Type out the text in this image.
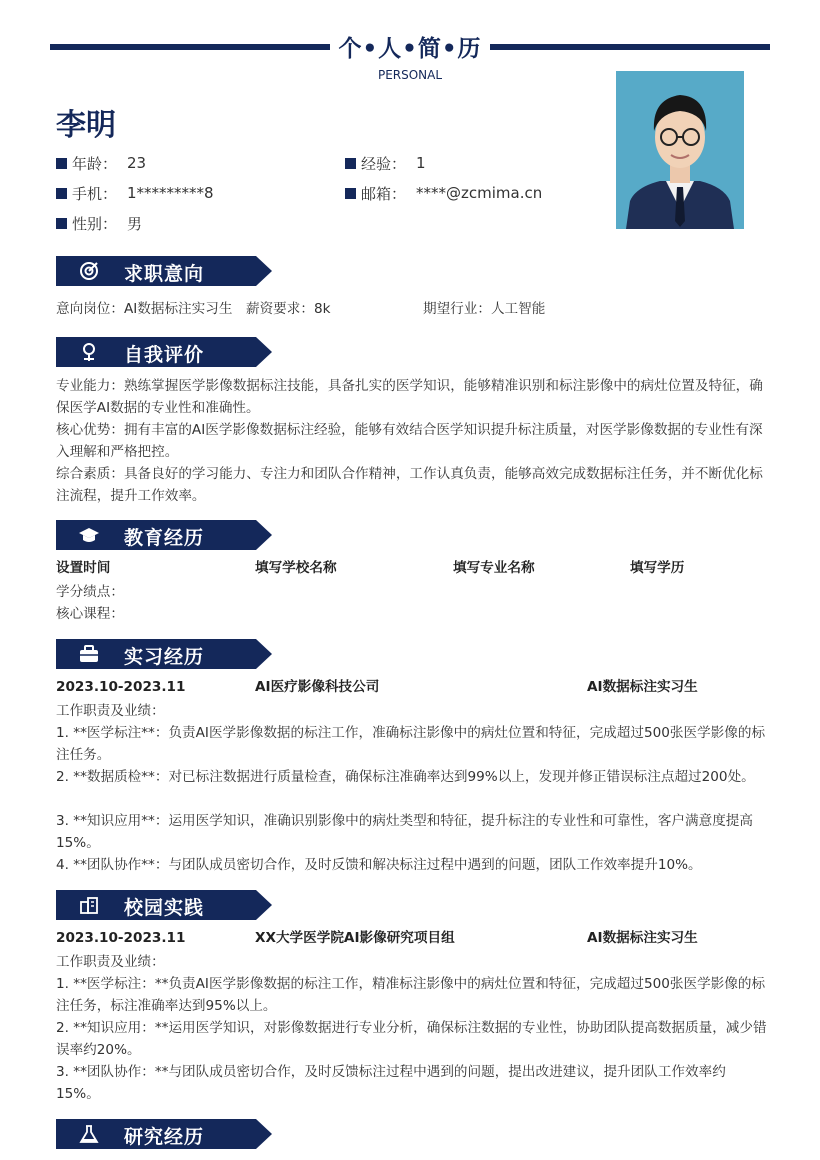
个•人•简•历
PERSONAL
李明
年龄： 23	经验： 1
手机： 1*********8	邮箱： ****@zcmima.cn
性别： 男
求职意向
意向岗位：AI数据标注实习生 薪资要求：8k	期望行业：人工智能
自我评价
专业能力：熟练掌握医学影像数据标注技能，具备扎实的医学知识，能够精准识别和标注影像中的病灶位置及特征，确保医学AI数据的专业性和准确性。
核心优势：拥有丰富的AI医学影像数据标注经验，能够有效结合医学知识提升标注质量，对医学影像数据的专业性有深入理解和严格把控。
综合素质：具备良好的学习能力、专注力和团队合作精神，工作认真负责，能够高效完成数据标注任务，并不断优化标注流程，提升工作效率。
教育经历
设置时间	填写学校名称	填写专业名称	填写学历
学分绩点：
核心课程：
实习经历
2023.10-2023.11	AI医疗影像科技公司	AI数据标注实习生
工作职责及业绩：
1. **医学标注**：负责AI医学影像数据的标注工作，准确标注影像中的病灶位置和特征，完成超过500张医学影像的标注任务。
2. **数据质检**：对已标注数据进行质量检查，确保标注准确率达到99%以上，发现并修正错误标注点超过200处。
3. **知识应用**：运用医学知识，准确识别影像中的病灶类型和特征，提升标注的专业性和可靠性，客户满意度提高15%。
4. **团队协作**：与团队成员密切合作，及时反馈和解决标注过程中遇到的问题，团队工作效率提升10%。
校园实践
2023.10-2023.11	XX大学医学院AI影像研究项目组	AI数据标注实习生
工作职责及业绩：
1. **医学标注：**负责AI医学影像数据的标注工作，精准标注影像中的病灶位置和特征，完成超过500张医学影像的标注任务，标注准确率达到95%以上。
2. **知识应用：**运用医学知识，对影像数据进行专业分析，确保标注数据的专业性，协助团队提高数据质量，减少错误率约20%。
3. **团队协作：**与团队成员密切合作，及时反馈标注过程中遇到的问题，提出改进建议，提升团队工作效率约15%。
研究经历
